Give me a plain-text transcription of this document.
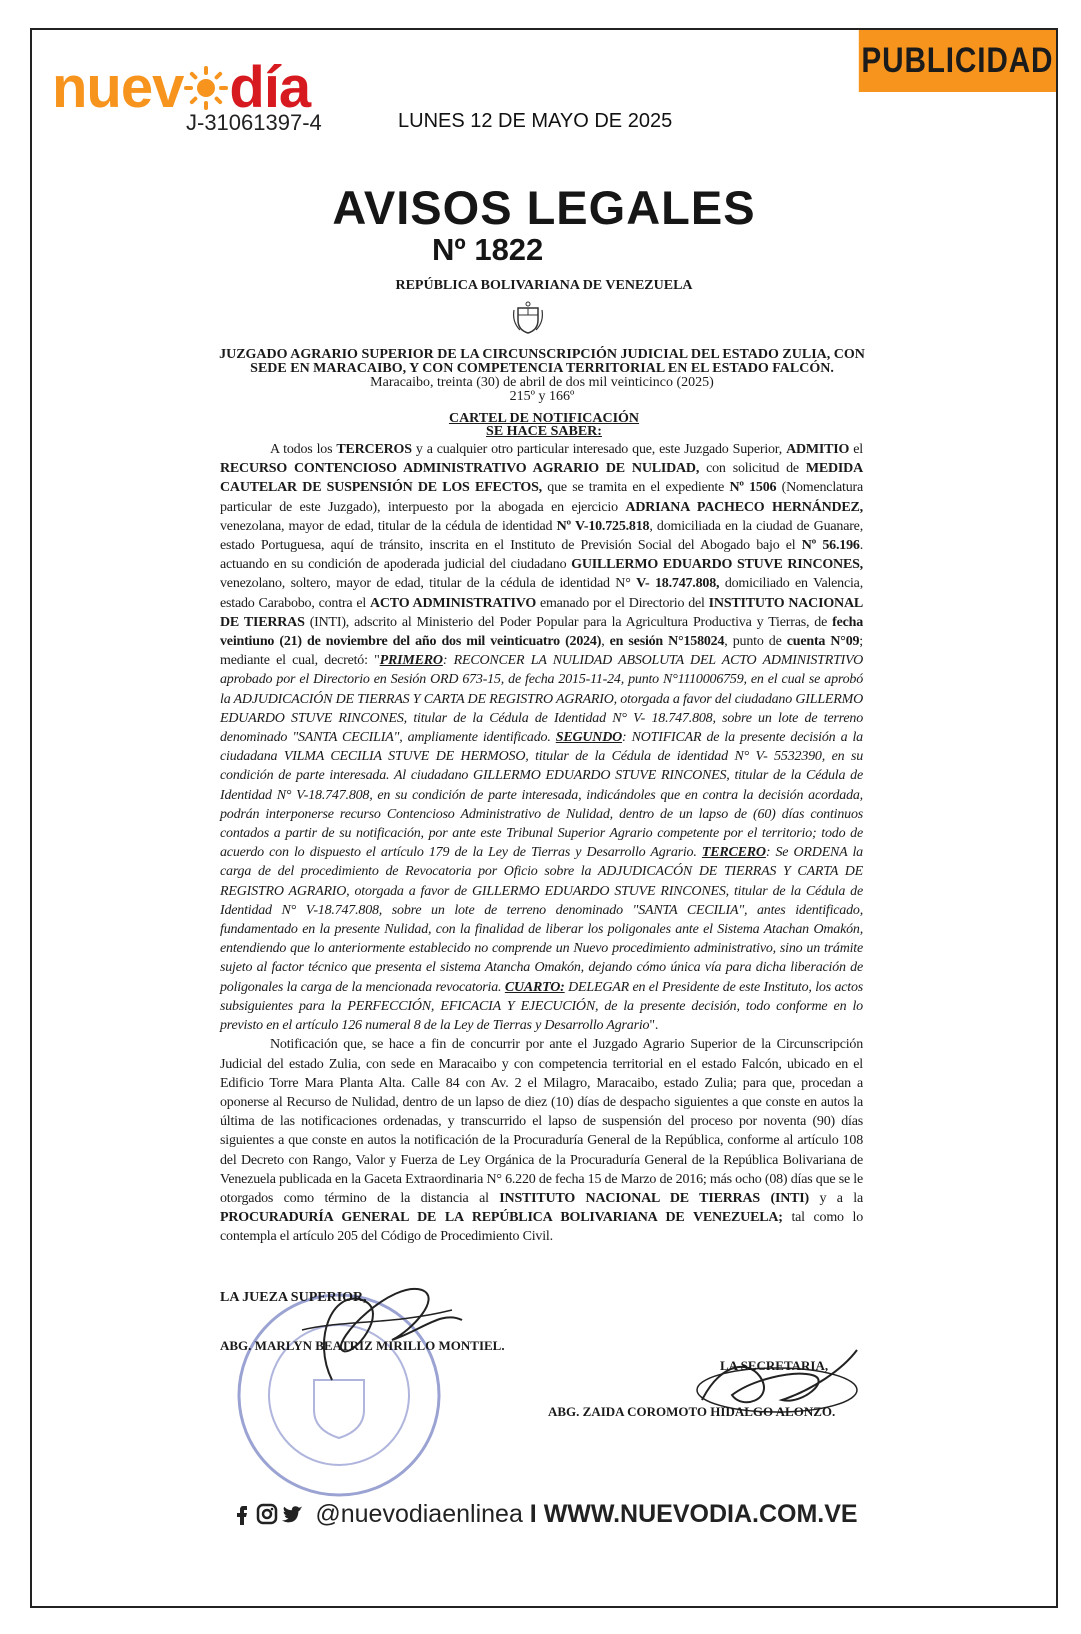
PUBLICIDAD
nuev día
J-31061397-4	LUNES 12 DE MAYO DE 2025
AVISOS LEGALES
Nº 1822
REPÚBLICA BOLIVARIANA DE VENEZUELA
JUZGADO AGRARIO SUPERIOR DE LA CIRCUNSCRIPCIÓN JUDICIAL DEL ESTADO ZULIA, CON SEDE EN MARACAIBO, Y CON COMPETENCIA TERRITORIAL EN EL ESTADO FALCÓN.
Maracaibo, treinta (30) de abril de dos mil veinticinco (2025)
215º y 166º
CARTEL DE NOTIFICACIÓN
SE HACE SABER:

A todos los TERCEROS y a cualquier otro particular interesado que, este Juzgado Superior, ADMITIO el RECURSO CONTENCIOSO ADMINISTRATIVO AGRARIO DE NULIDAD, con solicitud de MEDIDA CAUTELAR DE SUSPENSIÓN DE LOS EFECTOS, que se tramita en el expediente Nº 1506 (Nomenclatura particular de este Juzgado), interpuesto por la abogada en ejercicio ADRIANA PACHECO HERNÁNDEZ, venezolana, mayor de edad, titular de la cédula de identidad Nº V-10.725.818, domiciliada en la ciudad de Guanare, estado Portuguesa, aquí de tránsito, inscrita en el Instituto de Previsión Social del Abogado bajo el Nº 56.196. actuando en su condición de apoderada judicial del ciudadano GUILLERMO EDUARDO STUVE RINCONES, venezolano, soltero, mayor de edad, titular de la cédula de identidad N° V- 18.747.808, domiciliado en Valencia, estado Carabobo, contra el ACTO ADMINISTRATIVO emanado por el Directorio del INSTITUTO NACIONAL DE TIERRAS (INTI), adscrito al Ministerio del Poder Popular para la Agricultura Productiva y Tierras, de fecha veintiuno (21) de noviembre del año dos mil veinticuatro (2024), en sesión N°158024, punto de cuenta N°09; mediante el cual, decretó: "PRIMERO: RECONCER LA NULIDAD ABSOLUTA DEL ACTO ADMINISTRTIVO aprobado por el Directorio en Sesión ORD 673-15, de fecha 2015-11-24, punto N°1110006759, en el cual se aprobó la ADJUDICACIÓN DE TIERRAS Y CARTA DE REGISTRO AGRARIO, otorgada a favor del ciudadano GILLERMO EDUARDO STUVE RINCONES, titular de la Cédula de Identidad N° V- 18.747.808, sobre un lote de terreno denominado "SANTA CECILIA", ampliamente identificado. SEGUNDO: NOTIFICAR de la presente decisión a la ciudadana VILMA CECILIA STUVE DE HERMOSO, titular de la Cédula de identidad N° V- 5532390, en su condición de parte interesada. Al ciudadano GILLERMO EDUARDO STUVE RINCONES, titular de la Cédula de Identidad N° V-18.747.808, en su condición de parte interesada, indicándoles que en contra la decisión acordada, podrán interponerse recurso Contencioso Administrativo de Nulidad, dentro de un lapso de (60) días continuos contados a partir de su notificación, por ante este Tribunal Superior Agrario competente por el territorio; todo de acuerdo con lo dispuesto el artículo 179 de la Ley de Tierras y Desarrollo Agrario. TERCERO: Se ORDENA la carga de del procedimiento de Revocatoria por Oficio sobre la ADJUDICACÓN DE TIERRAS Y CARTA DE REGISTRO AGRARIO, otorgada a favor de GILLERMO EDUARDO STUVE RINCONES, titular de la Cédula de Identidad N° V-18.747.808, sobre un lote de terreno denominado "SANTA CECILIA", antes identificado, fundamentado en la presente Nulidad, con la finalidad de liberar los poligonales ante el Sistema Atachan Omakón, entendiendo que lo anteriormente establecido no comprende un Nuevo procedimiento administrativo, sino un trámite sujeto al factor técnico que presenta el sistema Atancha Omakón, dejando cómo única vía para dicha liberación de poligonales la carga de la mencionada revocatoria. CUARTO: DELEGAR en el Presidente de este Instituto, los actos subsiguientes para la PERFECCIÓN, EFICACIA Y EJECUCIÓN, de la presente decisión, todo conforme en lo previsto en el artículo 126 numeral 8 de la Ley de Tierras y Desarrollo Agrario".

Notificación que, se hace a fin de concurrir por ante el Juzgado Agrario Superior de la Circunscripción Judicial del estado Zulia, con sede en Maracaibo y con competencia territorial en el estado Falcón, ubicado en el Edificio Torre Mara Planta Alta. Calle 84 con Av. 2 el Milagro, Maracaibo, estado Zulia; para que, procedan a oponerse al Recurso de Nulidad, dentro de un lapso de diez (10) días de despacho siguientes a que conste en autos la última de las notificaciones ordenadas, y transcurrido el lapso de suspensión del proceso por noventa (90) días siguientes a que conste en autos la notificación de la Procuraduría General de la República, conforme al artículo 108 del Decreto con Rango, Valor y Fuerza de Ley Orgánica de la Procuraduría General de la República Bolivariana de Venezuela publicada en la Gaceta Extraordinaria N° 6.220 de fecha 15 de Marzo de 2016; más ocho (08) días que se le otorgados como término de la distancia al INSTITUTO NACIONAL DE TIERRAS (INTI) y a la PROCURADURÍA GENERAL DE LA REPÚBLICA BOLIVARIANA DE VENEZUELA; tal como lo contempla el artículo 205 del Código de Procedimiento Civil.

LA JUEZA SUPERIOR,
ABG. MARLYN BEATRIZ MIRILLO MONTIEL.
LA SECRETARIA,
ABG. ZAIDA COROMOTO HIDALGO ALONZO.
@nuevodiaenlinea I WWW.NUEVODIA.COM.VE
